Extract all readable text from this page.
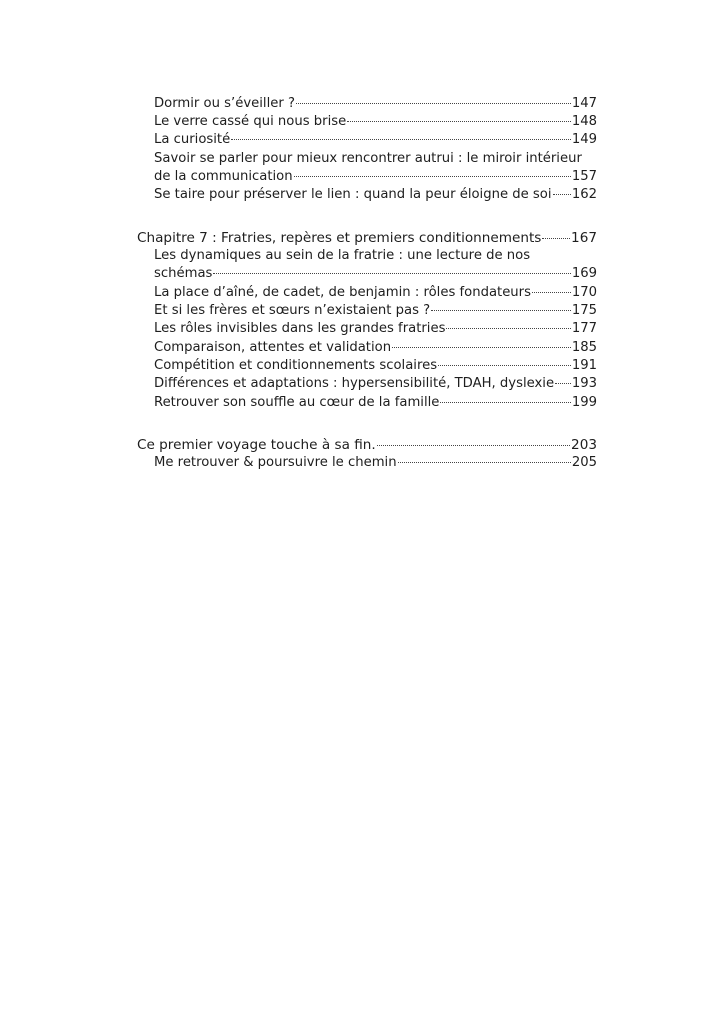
Dormir ou s’éveiller ?	147
Le verre cassé qui nous brise	148
La curiosité	149
Savoir se parler pour mieux rencontrer autrui : le miroir intérieur
de la communication	157
Se taire pour préserver le lien : quand la peur éloigne de soi 162
Chapitre 7 : Fratries, repères et premiers conditionnements 167
Les dynamiques au sein de la fratrie : une lecture de nos
schémas	169
La place d’aîné, de cadet, de benjamin : rôles fondateurs	170
Et si les frères et sœurs n’existaient pas ?	175
Les rôles invisibles dans les grandes fratries	177
Comparaison, attentes et validation	185
Compétition et conditionnements scolaires	191
Différences et adaptations : hypersensibilité, TDAH, dyslexie 193
Retrouver son souffle au cœur de la famille	199
Ce premier voyage touche à sa fin.	203
Me retrouver & poursuivre le chemin	205
